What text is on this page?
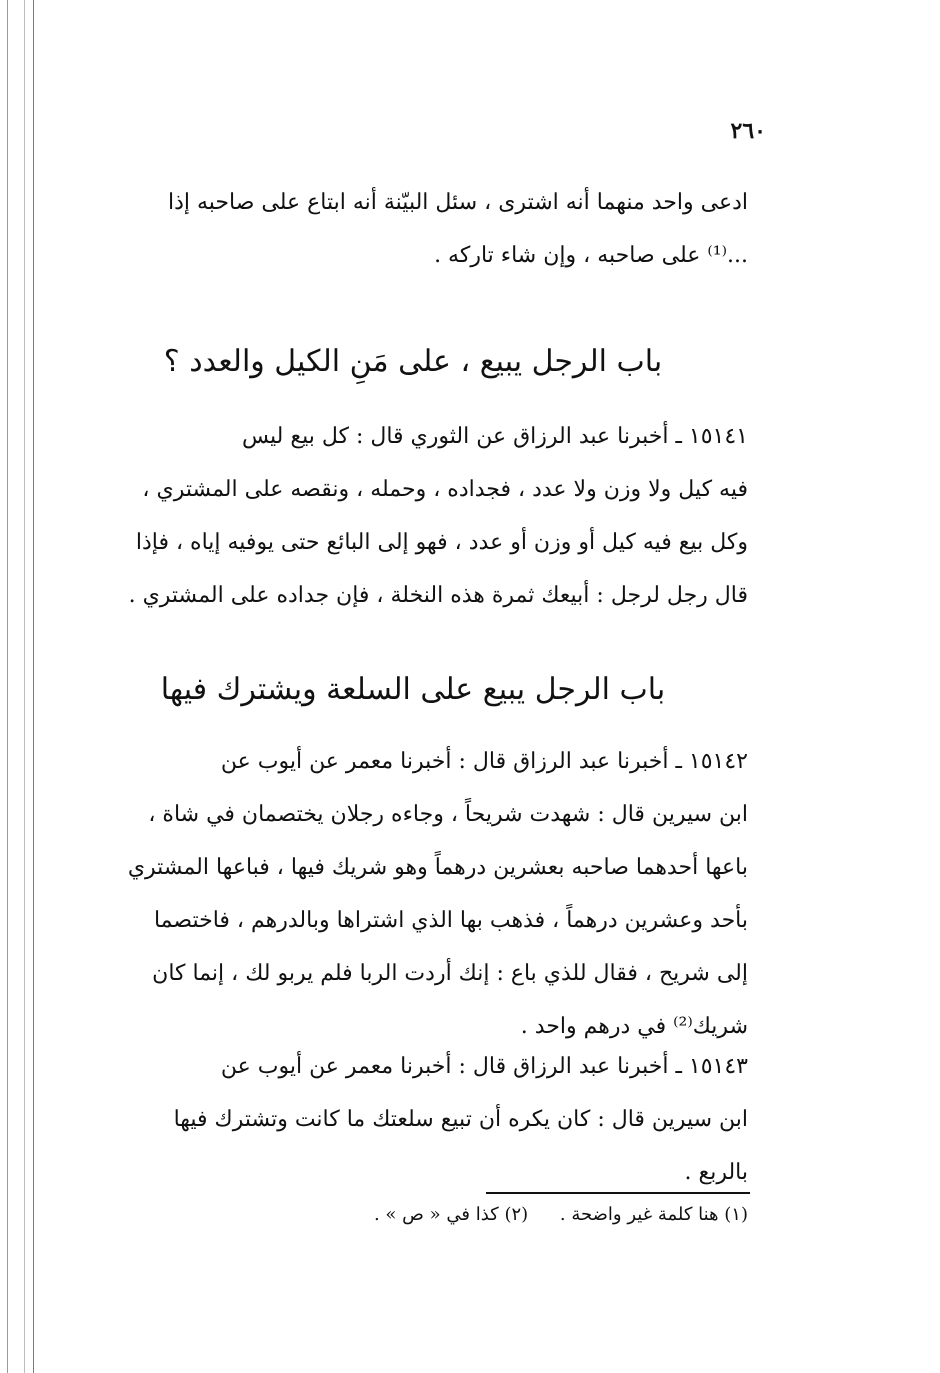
٢٦٠
ادعى واحد منهما أنه اشترى ، سئل البيّنة أنه ابتاع على صاحبه إذا
...⁽¹⁾ على صاحبه ، وإن شاء تاركه .
باب الرجل يبيع ، على مَنِ الكيل والعدد ؟
١٥١٤١ ـ أخبرنا عبد الرزاق عن الثوري قال : كل بيع ليس
فيه كيل ولا وزن ولا عدد ، فجداده ، وحمله ، ونقصه على المشتري ،
وكل بيع فيه كيل أو وزن أو عدد ، فهو إلى البائع حتى يوفيه إياه ، فإذا
قال رجل لرجل : أبيعك ثمرة هذه النخلة ، فإن جداده على المشتري .
باب الرجل يبيع على السلعة ويشترك فيها
١٥١٤٢ ـ أخبرنا عبد الرزاق قال : أخبرنا معمر عن أيوب عن
ابن سيرين قال : شهدت شريحاً ، وجاءه رجلان يختصمان في شاة ،
باعها أحدهما صاحبه بعشرين درهماً وهو شريك فيها ، فباعها المشتري
بأحد وعشرين درهماً ، فذهب بها الذي اشتراها وبالدرهم ، فاختصما
إلى شريح ، فقال للذي باع : إنك أردت الربا فلم يربو لك ، إنما كان
شريك⁽²⁾ في درهم واحد .
١٥١٤٣ ـ أخبرنا عبد الرزاق قال : أخبرنا معمر عن أيوب عن
ابن سيرين قال : كان يكره أن تبيع سلعتك ما كانت وتشترك فيها
بالربع .
(١) هنا كلمة غير واضحة . (٢) كذا في « ص » .
